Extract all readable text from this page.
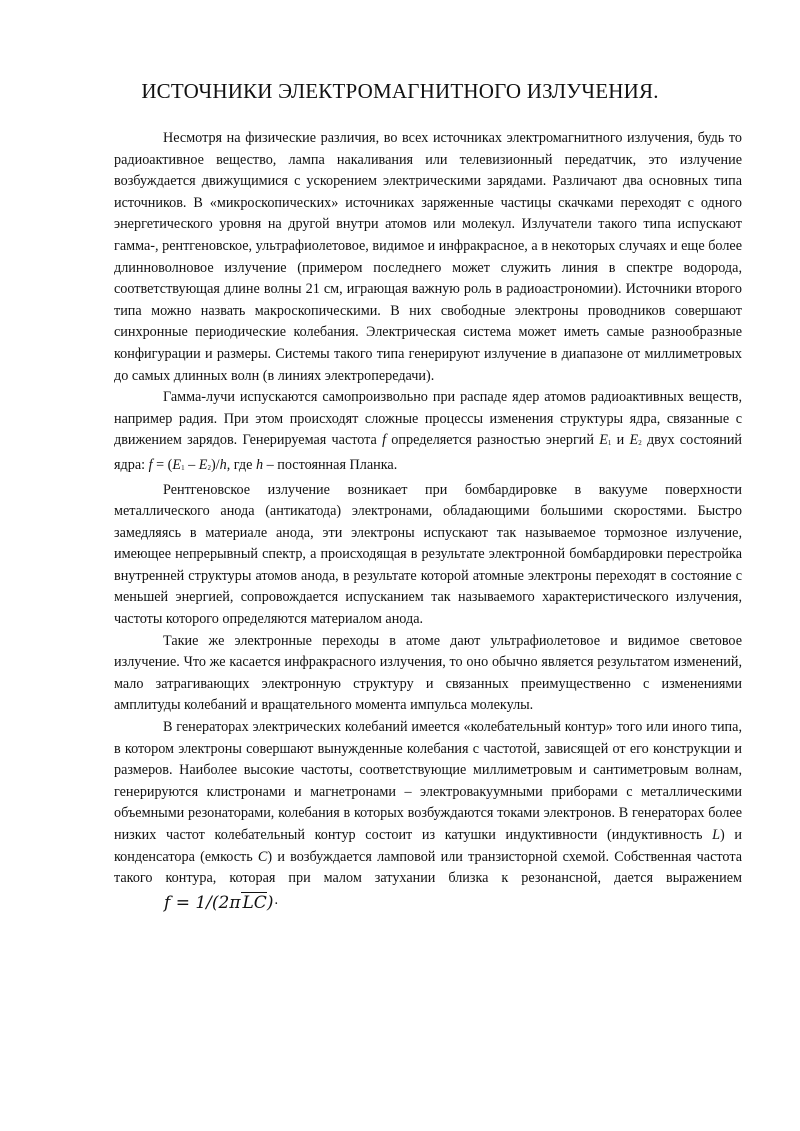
ИСТОЧНИКИ ЭЛЕКТРОМАГНИТНОГО ИЗЛУЧЕНИЯ.

Несмотря на физические различия, во всех источниках электромагнитного излучения, будь то радиоактивное вещество, лампа накаливания или телевизионный передатчик, это излучение возбуждается движущимися с ускорением электрическими зарядами. Различают два основных типа источников. В «микроскопических» источниках заряженные частицы скачками переходят с одного энергетического уровня на другой внутри атомов или молекул. Излучатели такого типа испускают гамма-, рентгеновское, ультрафиолетовое, видимое и инфракрасное, а в некоторых случаях и еще более длинноволновое излучение (примером последнего может служить линия в спектре водорода, соответствующая длине волны 21 см, играющая важную роль в радиоастрономии). Источники второго типа можно назвать макроскопическими. В них свободные электроны проводников совершают синхронные периодические колебания. Электрическая система может иметь самые разнообразные конфигурации и размеры. Системы такого типа генерируют излучение в диапазоне от миллиметровых до самых длинных волн (в линиях электропередачи).

Гамма-лучи испускаются самопроизвольно при распаде ядер атомов радиоактивных веществ, например радия. При этом происходят сложные процессы изменения структуры ядра, связанные с движением зарядов. Генерируемая частота f определяется разностью энергий $E_1$ и $E_2$ двух состояний ядра: $f = (E_1 - E_2)/h$, где h – постоянная Планка.

Рентгеновское излучение возникает при бомбардировке в вакууме поверхности металлического анода (антикатода) электронами, обладающими большими скоростями. Быстро замедляясь в материале анода, эти электроны испускают так называемое тормозное излучение, имеющее непрерывный спектр, а происходящая в результате электронной бомбардировки перестройка внутренней структуры атомов анода, в результате которой атомные электроны переходят в состояние с меньшей энергией, сопровождается испусканием так называемого характеристического излучения, частоты которого определяются материалом анода.

Такие же электронные переходы в атоме дают ультрафиолетовое и видимое световое излучение. Что же касается инфракрасного излучения, то оно обычно является результатом изменений, мало затрагивающих электронную структуру и связанных преимущественно с изменениями амплитуды колебаний и вращательного момента импульса молекулы.

В генераторах электрических колебаний имеется «колебательный контур» того или иного типа, в котором электроны совершают вынужденные колебания с частотой, зависящей от его конструкции и размеров. Наиболее высокие частоты, соответствующие миллиметровым и сантиметровым волнам, генерируются клистронами и магнетронами – электровакуумными приборами с металлическими объемными резонаторами, колебания в которых возбуждаются токами электронов. В генераторах более низких частот колебательный контур состоит из катушки индуктивности (индуктивность L) и конденсатора (емкость C) и возбуждается ламповой или транзисторной схемой. Собственная частота такого контура, которая при малом затухании близка к резонансной, дается выражением f = 1/(2π LC).
